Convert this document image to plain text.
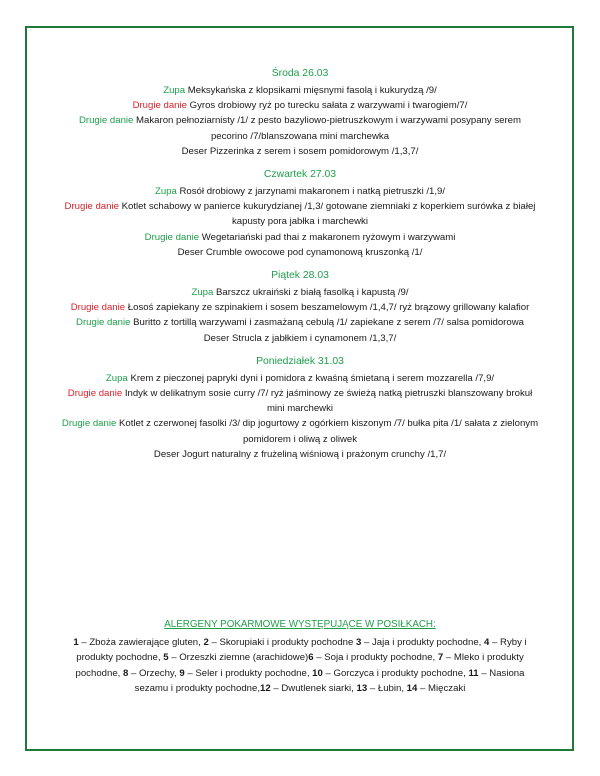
Środa 26.03
Zupa Meksykańska z klopsikami mięsnymi fasolą i kukurydzą /9/
Drugie danie Gyros drobiowy ryż po turecku sałata z warzywami i twarogiem/7/
Drugie danie Makaron pełnoziarnisty /1/ z pesto bazyliowo-pietruszkowym i warzywami posypany serem pecorino /7/blanszowana mini marchewka
Deser Pizzerinka z serem i sosem pomidorowym /1,3,7/
Czwartek 27.03
Zupa Rosół drobiowy z jarzynami makaronem i natką pietruszki /1,9/
Drugie danie Kotlet schabowy w panierce kukurydzianej /1,3/ gotowane ziemniaki z koperkiem surówka z białej kapusty pora jabłka i marchewki
Drugie danie Wegetariański pad thai z makaronem ryżowym i warzywami
Deser Crumble owocowe pod cynamonową kruszonką /1/
Piątek 28.03
Zupa Barszcz ukraiński z białą fasolką i kapustą /9/
Drugie danie Łosoś zapiekany ze szpinakiem i sosem beszamelowym /1,4,7/ ryż brązowy grillowany kalafior
Drugie danie Buritto z tortillą warzywami i zasmażaną cebulą /1/ zapiekane z serem /7/ salsa pomidorowa
Deser Strucla z jabłkiem i cynamonem /1,3,7/
Poniedziałek 31.03
Zupa Krem z pieczonej papryki dyni i pomidora z kwaśną śmietaną i serem mozzarella /7,9/
Drugie danie Indyk w delikatnym sosie curry /7/ ryż jaśminowy ze świeżą natką pietruszki blanszowany brokuł mini marchewki
Drugie danie Kotlet z czerwonej fasolki /3/ dip jogurtowy z ogórkiem kiszonym /7/ bułka pita /1/ sałata z zielonym pomidorem i oliwą z oliwek
Deser Jogurt naturalny z frużeliną wiśniową i prażonym crunchy /1,7/
ALERGENY POKARMOWE WYSTĘPUJĄCE W POSIŁKACH:
1 – Zboża zawierające gluten, 2 – Skorupiaki i produkty pochodne 3 – Jaja i produkty pochodne, 4 – Ryby i produkty pochodne, 5 – Orzeszki ziemne (arachidowe)6 – Soja i produkty pochodne, 7 – Mleko i produkty pochodne, 8 – Orzechy, 9 – Seler i produkty pochodne, 10 – Gorczyca i produkty pochodne, 11 – Nasiona sezamu i produkty pochodne,12 – Dwutlenek siarki, 13 – Łubin, 14 – Mięczaki
